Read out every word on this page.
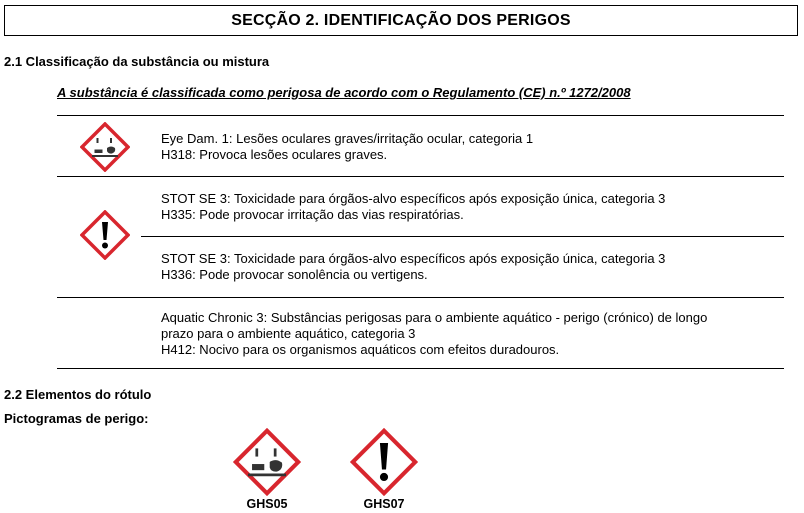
SECÇÃO 2. IDENTIFICAÇÃO DOS PERIGOS
2.1 Classificação da substância ou mistura
A substância é classificada como perigosa de acordo com o Regulamento (CE) n.º 1272/2008
Eye Dam. 1: Lesões oculares graves/irritação ocular, categoria 1
H318: Provoca lesões oculares graves.
STOT SE 3: Toxicidade para órgãos-alvo específicos após exposição única, categoria 3
H335: Pode provocar irritação das vias respiratórias.
STOT SE 3: Toxicidade para órgãos-alvo específicos após exposição única, categoria 3
H336: Pode provocar sonolência ou vertigens.
Aquatic Chronic 3: Substâncias perigosas para o ambiente aquático - perigo (crónico) de longo
prazo para o ambiente aquático, categoria 3
H412: Nocivo para os organismos aquáticos com efeitos duradouros.
2.2 Elementos do rótulo
Pictogramas de perigo:
GHS05	GHS07
